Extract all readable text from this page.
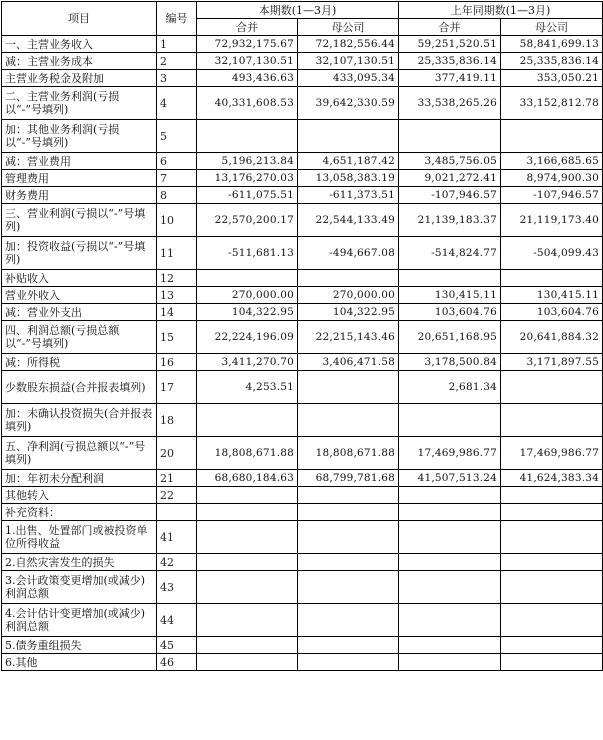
项目	编号	本期数(1—3月)		上年同期数(1—3月)	
		合并	母公司	合并	母公司
一、主营业务收入	1	72,932,175.67	72,182,556.44	59,251,520.51	58,841,699.13
减：主营业务成本	2	32,107,130.51	32,107,130.51	25,335,836.14	25,335,836.14
主营业务税金及附加	3	493,436.63	433,095.34	377,419.11	353,050.21
二、主营业务利润(亏损以“-”号填列)	4	40,331,608.53	39,642,330.59	33,538,265.26	33,152,812.78
加：其他业务利润(亏损以“-”号填列)	5				
减：营业费用	6	5,196,213.84	4,651,187.42	3,485,756.05	3,166,685.65
管理费用	7	13,176,270.03	13,058,383.19	9,021,272.41	8,974,900.30
财务费用	8	-611,075.51	-611,373.51	-107,946.57	-107,946.57
三、营业利润(亏损以“-”号填列)	10	22,570,200.17	22,544,133.49	21,139,183.37	21,119,173.40
加：投资收益(亏损以“-”号填列)	11	-511,681.13	-494,667.08	-514,824.77	-504,099.43
补贴收入	12				
营业外收入	13	270,000.00	270,000.00	130,415.11	130,415.11
减：营业外支出	14	104,322.95	104,322.95	103,604.76	103,604.76
四、利润总额(亏损总额以“-”号填列)	15	22,224,196.09	22,215,143.46	20,651,168.95	20,641,884.32
减：所得税	16	3,411,270.70	3,406,471.58	3,178,500.84	3,171,897.55
少数股东损益(合并报表填列)	17	4,253.51		2,681.34	
加：未确认投资损失(合并报表填列)	18				
五、净利润(亏损总额以“-”号填列)	20	18,808,671.88	18,808,671.88	17,469,986.77	17,469,986.77
加：年初未分配利润	21	68,680,184.63	68,799,781.68	41,507,513.24	41,624,383.34
其他转入	22				
补充资料：					
1.出售、处置部门或被投资单位所得收益	41				
2.自然灾害发生的损失	42				
3.会计政策变更增加(或减少)利润总额	43				
4.会计估计变更增加(或减少)利润总额	44				
5.债务重组损失	45				
6.其他	46				
